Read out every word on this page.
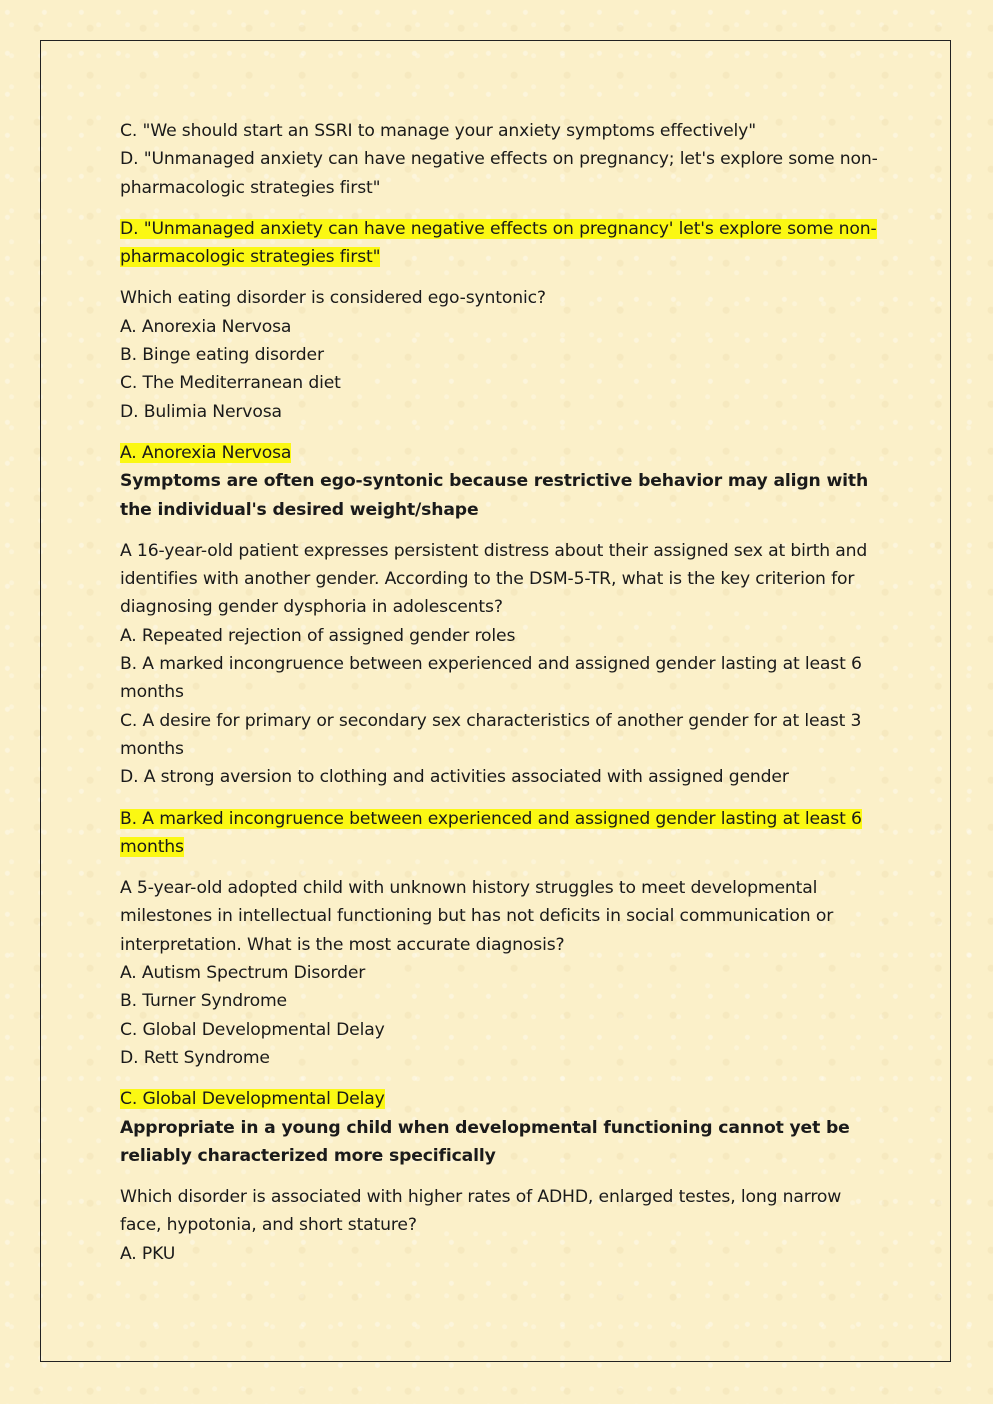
C. "We should start an SSRI to manage your anxiety symptoms effectively"
D. "Unmanaged anxiety can have negative effects on pregnancy; let's explore some non-pharmacologic strategies first"
D. "Unmanaged anxiety can have negative effects on pregnancy' let's explore some non-pharmacologic strategies first"
Which eating disorder is considered ego-syntonic?
A. Anorexia Nervosa
B. Binge eating disorder
C. The Mediterranean diet
D. Bulimia Nervosa
A. Anorexia Nervosa
Symptoms are often ego-syntonic because restrictive behavior may align with the individual's desired weight/shape
A 16-year-old patient expresses persistent distress about their assigned sex at birth and identifies with another gender. According to the DSM-5-TR, what is the key criterion for diagnosing gender dysphoria in adolescents?
A. Repeated rejection of assigned gender roles
B. A marked incongruence between experienced and assigned gender lasting at least 6 months
C. A desire for primary or secondary sex characteristics of another gender for at least 3 months
D. A strong aversion to clothing and activities associated with assigned gender
B. A marked incongruence between experienced and assigned gender lasting at least 6 months
A 5-year-old adopted child with unknown history struggles to meet developmental milestones in intellectual functioning but has not deficits in social communication or interpretation. What is the most accurate diagnosis?
A. Autism Spectrum Disorder
B. Turner Syndrome
C. Global Developmental Delay
D. Rett Syndrome
C. Global Developmental Delay
Appropriate in a young child when developmental functioning cannot yet be reliably characterized more specifically
Which disorder is associated with higher rates of ADHD, enlarged testes, long narrow face, hypotonia, and short stature?
A. PKU
